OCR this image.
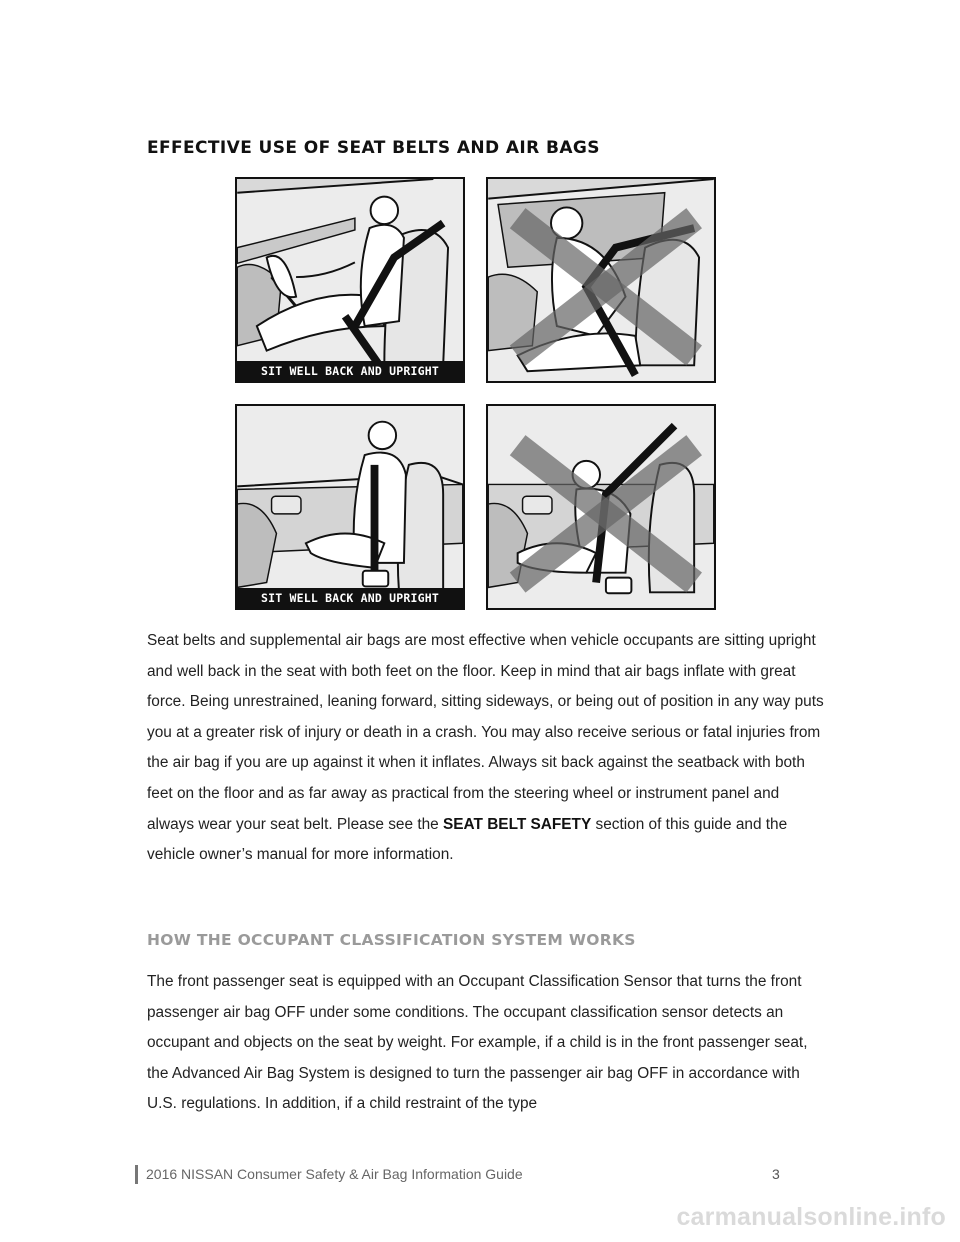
EFFECTIVE USE OF SEAT BELTS AND AIR BAGS
SIT WELL BACK AND UPRIGHT
SIT WELL BACK AND UPRIGHT

Seat belts and supplemental air bags are most effective when vehicle occupants are sitting upright and well back in the seat with both feet on the floor. Keep in mind that air bags inflate with great force. Being unrestrained, leaning forward, sitting sideways, or being out of position in any way puts you at a greater risk of injury or death in a crash. You may also receive serious or fatal injuries from the air bag if you are up against it when it inflates. Always sit back against the seatback with both feet on the floor and as far away as practical from the steering wheel or instrument panel and always wear your seat belt. Please see the SEAT BELT SAFETY section of this guide and the vehicle owner’s manual for more information.

HOW THE OCCUPANT CLASSIFICATION SYSTEM WORKS

The front passenger seat is equipped with an Occupant Classification Sensor that turns the front passenger air bag OFF under some conditions. The occupant classification sensor detects an occupant and objects on the seat by weight. For example, if a child is in the front passenger seat, the Advanced Air Bag System is designed to turn the passenger air bag OFF in accordance with U.S. regulations. In addition, if a child restraint of the type

2016 NISSAN Consumer Safety & Air Bag Information Guide	3
carmanualsonline.info
